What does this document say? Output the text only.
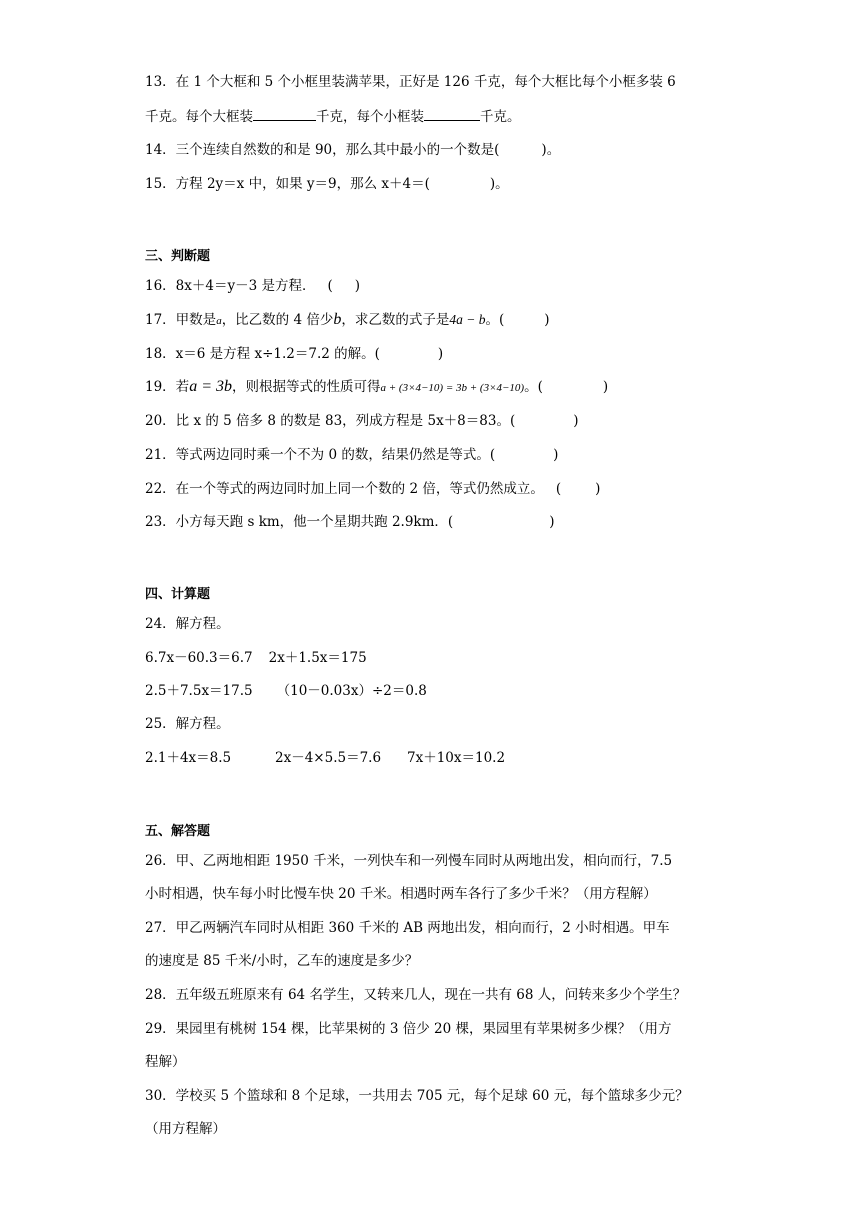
13．在 1 个大框和 5 个小框里装满苹果，正好是 126 千克，每个大框比每个小框多装 6
千克。每个大框装	千克，每个小框装	千克。
14．三个连续自然数的和是 90，那么其中最小的一个数是(	)。
15．方程 2y＝x 中，如果 y＝9，那么 x＋4＝(	)。
三、判断题
16．8x＋4＝y－3 是方程． ( )
17．甲数是a，比乙数的 4 倍少b，求乙数的式子是4a − b。(	)
18．x＝6 是方程 x÷1.2＝7.2 的解。(	)
19．若a = 3b，则根据等式的性质可得a + (3×4−10) = 3b + (3×4−10)。(	)
20．比 x 的 5 倍多 8 的数是 83，列成方程是 5x＋8＝83。(	)
21．等式两边同时乘一个不为 0 的数，结果仍然是等式。(	)
22．在一个等式的两边同时加上同一个数的 2 倍，等式仍然成立。 (	)
23．小方每天跑 s km，他一个星期共跑 2.9km．(	)
四、计算题
24．解方程。
6.7x－60.3＝6.7 2x＋1.5x＝175
2.5＋7.5x＝17.5 （10－0.03x）÷2＝0.8
25．解方程。
2.1＋4x＝8.5	2x－4×5.5＝7.6 7x＋10x＝10.2
五、解答题
26．甲、乙两地相距 1950 千米，一列快车和一列慢车同时从两地出发，相向而行，7.5
小时相遇，快车每小时比慢车快 20 千米。相遇时两车各行了多少千米？（用方程解）
27．甲乙两辆汽车同时从相距 360 千米的 AB 两地出发，相向而行，2 小时相遇。甲车
的速度是 85 千米/小时，乙车的速度是多少？
28．五年级五班原来有 64 名学生，又转来几人，现在一共有 68 人，问转来多少个学生？
29．果园里有桃树 154 棵，比苹果树的 3 倍少 20 棵，果园里有苹果树多少棵？（用方
程解）
30．学校买 5 个篮球和 8 个足球，一共用去 705 元，每个足球 60 元，每个篮球多少元？
（用方程解）
